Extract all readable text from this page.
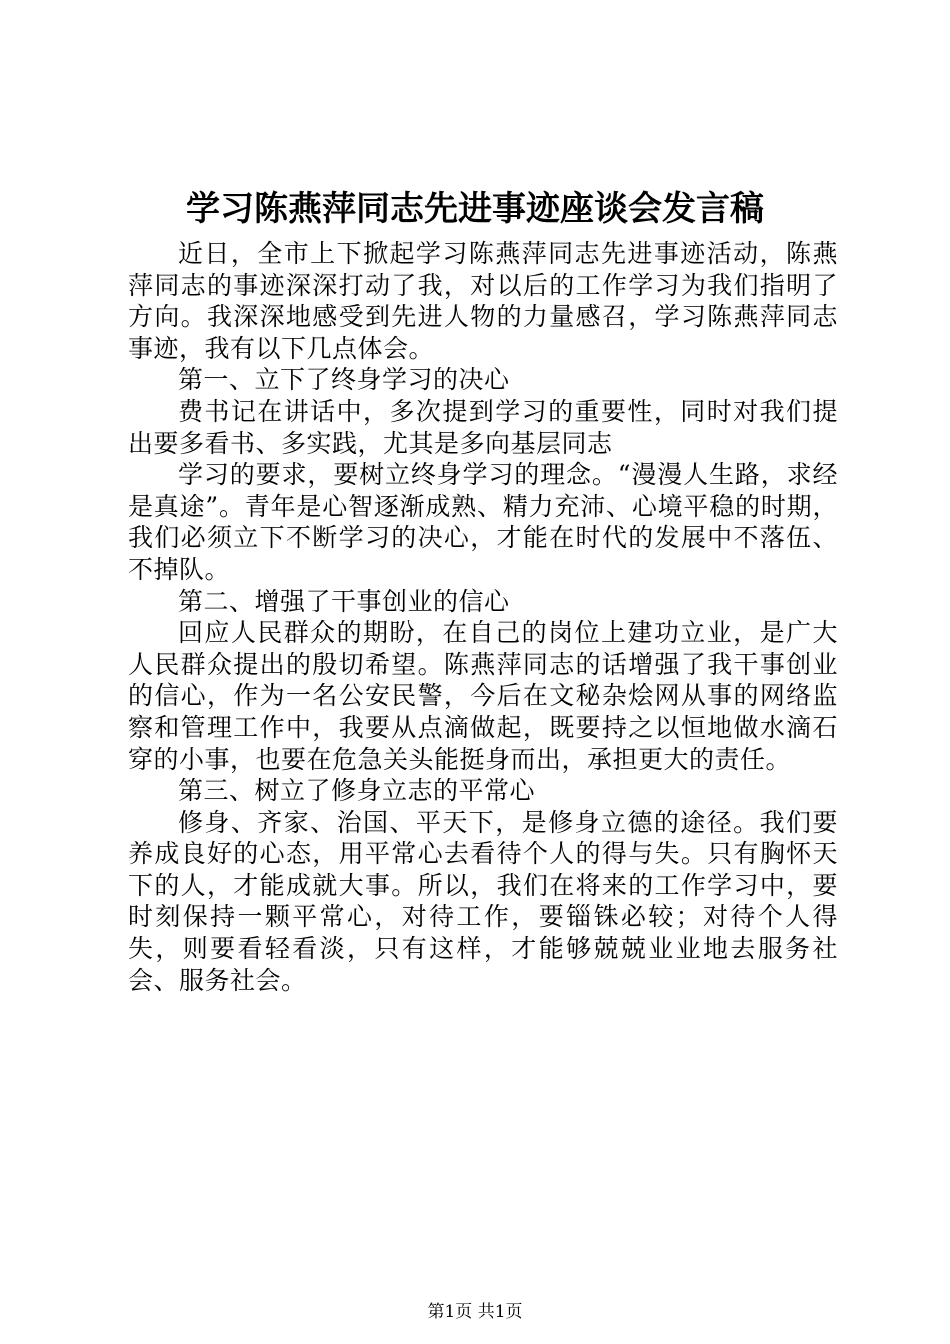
学习陈燕萍同志先进事迹座谈会发言稿

近日，全市上下掀起学习陈燕萍同志先进事迹活动，陈燕萍同志的事迹深深打动了我，对以后的工作学习为我们指明了方向。我深深地感受到先进人物的力量感召，学习陈燕萍同志事迹，我有以下几点体会。

第一、立下了终身学习的决心

费书记在讲话中，多次提到学习的重要性，同时对我们提出要多看书、多实践，尤其是多向基层同志

学习的要求，要树立终身学习的理念。“漫漫人生路，求经是真途”。青年是心智逐渐成熟、精力充沛、心境平稳的时期，我们必须立下不断学习的决心，才能在时代的发展中不落伍、不掉队。

第二、增强了干事创业的信心

回应人民群众的期盼，在自己的岗位上建功立业，是广大人民群众提出的殷切希望。陈燕萍同志的话增强了我干事创业的信心，作为一名公安民警，今后在文秘杂烩网从事的网络监察和管理工作中，我要从点滴做起，既要持之以恒地做水滴石穿的小事，也要在危急关头能挺身而出，承担更大的责任。

第三、树立了修身立志的平常心

修身、齐家、治国、平天下，是修身立德的途径。我们要养成良好的心态，用平常心去看待个人的得与失。只有胸怀天下的人，才能成就大事。所以，我们在将来的工作学习中，要时刻保持一颗平常心，对待工作，要锱铢必较；对待个人得失，则要看轻看淡，只有这样，才能够兢兢业业地去服务社会、服务社会。

第1页 共1页
